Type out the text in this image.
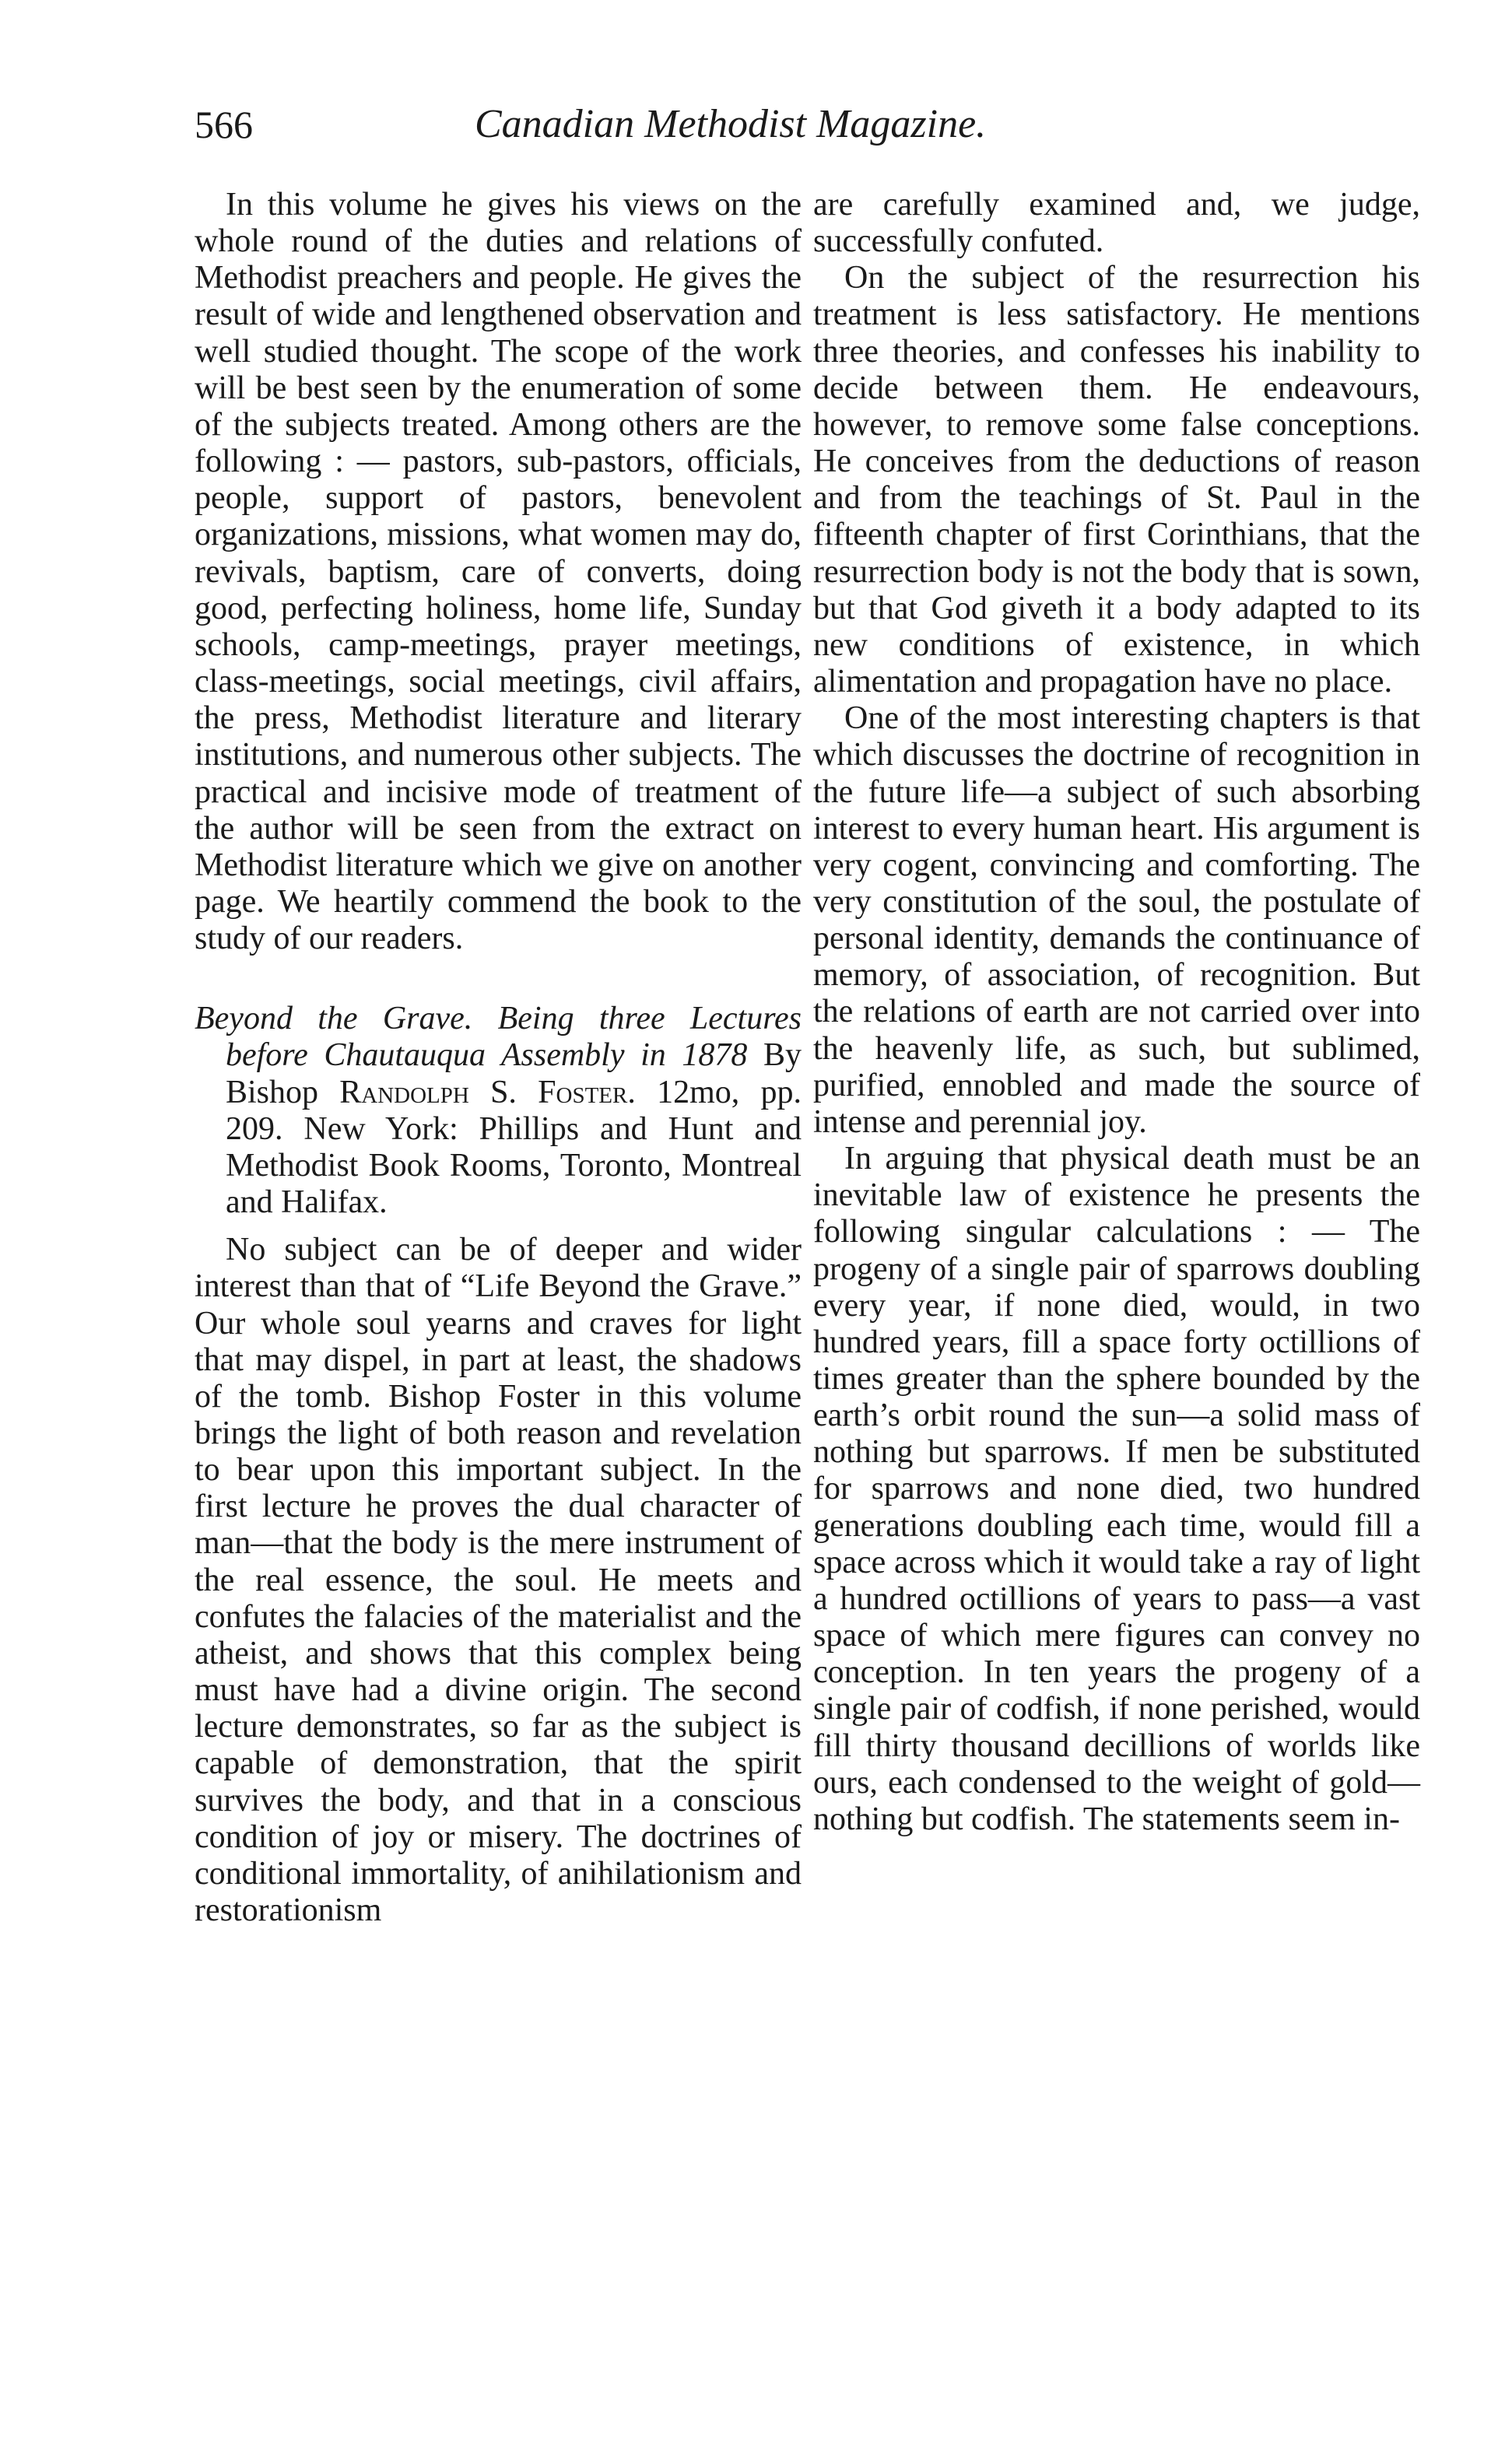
566	Canadian Methodist Magazine.

In this volume he gives his views on the whole round of the duties and relations of Methodist preachers and people. He gives the result of wide and lengthened observation and well studied thought. The scope of the work will be best seen by the enumeration of some of the subjects treated. Among others are the following : — pastors, sub-pastors, officials, people, support of pastors, benevolent organizations, missions, what women may do, revivals, baptism, care of converts, doing good, perfecting holiness, home life, Sunday schools, camp-meetings, prayer meetings, class-meetings, social meetings, civil affairs, the press, Methodist literature and literary institutions, and numerous other subjects. The practical and incisive mode of treatment of the author will be seen from the extract on Methodist literature which we give on another page. We heartily commend the book to the study of our readers.

Beyond the Grave. Being three Lectures before Chautauqua Assembly in 1878 By Bishop Randolph S. Foster. 12mo, pp. 209. New York: Phillips and Hunt and Methodist Book Rooms, Toronto, Montreal and Halifax.

No subject can be of deeper and wider interest than that of “Life Beyond the Grave.” Our whole soul yearns and craves for light that may dispel, in part at least, the shadows of the tomb. Bishop Foster in this volume brings the light of both reason and revelation to bear upon this important subject. In the first lecture he proves the dual character of man—that the body is the mere instrument of the real essence, the soul. He meets and confutes the falacies of the materialist and the atheist, and shows that this complex being must have had a divine origin. The second lecture demonstrates, so far as the subject is capable of demonstration, that the spirit survives the body, and that in a conscious condition of joy or misery. The doctrines of conditional immortality, of anihilationism and restorationism

are carefully examined and, we judge, successfully confuted.

On the subject of the resurrection his treatment is less satisfactory. He mentions three theories, and confesses his inability to decide between them. He endeavours, however, to remove some false conceptions. He conceives from the deductions of reason and from the teachings of St. Paul in the fifteenth chapter of first Corinthians, that the resurrection body is not the body that is sown, but that God giveth it a body adapted to its new conditions of existence, in which alimentation and propagation have no place.

One of the most interesting chapters is that which discusses the doctrine of recognition in the future life—a subject of such absorbing interest to every human heart. His argument is very cogent, convincing and comforting. The very constitution of the soul, the postulate of personal identity, demands the continuance of memory, of association, of recognition. But the relations of earth are not carried over into the heavenly life, as such, but sublimed, purified, ennobled and made the source of intense and perennial joy.

In arguing that physical death must be an inevitable law of existence he presents the following singular calculations : — The progeny of a single pair of sparrows doubling every year, if none died, would, in two hundred years, fill a space forty octillions of times greater than the sphere bounded by the earth’s orbit round the sun—a solid mass of nothing but sparrows. If men be substituted for sparrows and none died, two hundred generations doubling each time, would fill a space across which it would take a ray of light a hundred octillions of years to pass—a vast space of which mere figures can convey no conception. In ten years the progeny of a single pair of codfish, if none perished, would fill thirty thousand decillions of worlds like ours, each condensed to the weight of gold—nothing but codfish. The statements seem in-
